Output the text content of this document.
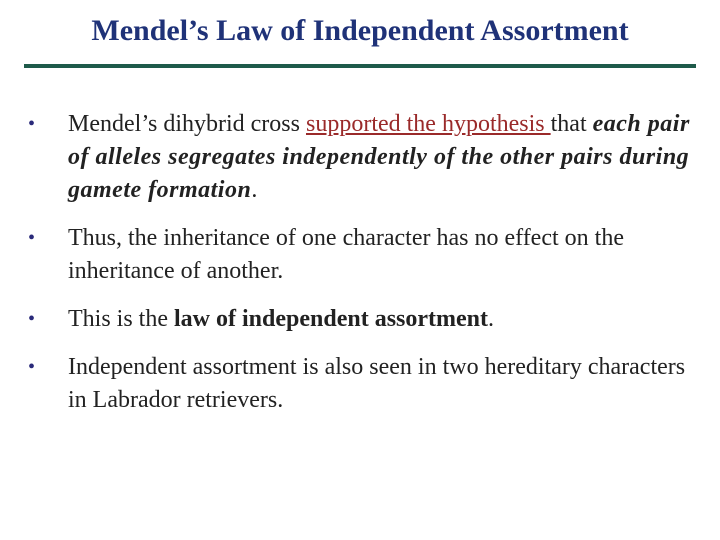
Mendel’s Law of Independent Assortment
•	Mendel’s dihybrid cross supported the hypothesis that each pair of alleles segregates independently of the other pairs during gamete formation.
•	Thus, the inheritance of one character has no effect on the inheritance of another.
•	This is the law of independent assortment.
•	Independent assortment is also seen in two hereditary characters in Labrador retrievers.
